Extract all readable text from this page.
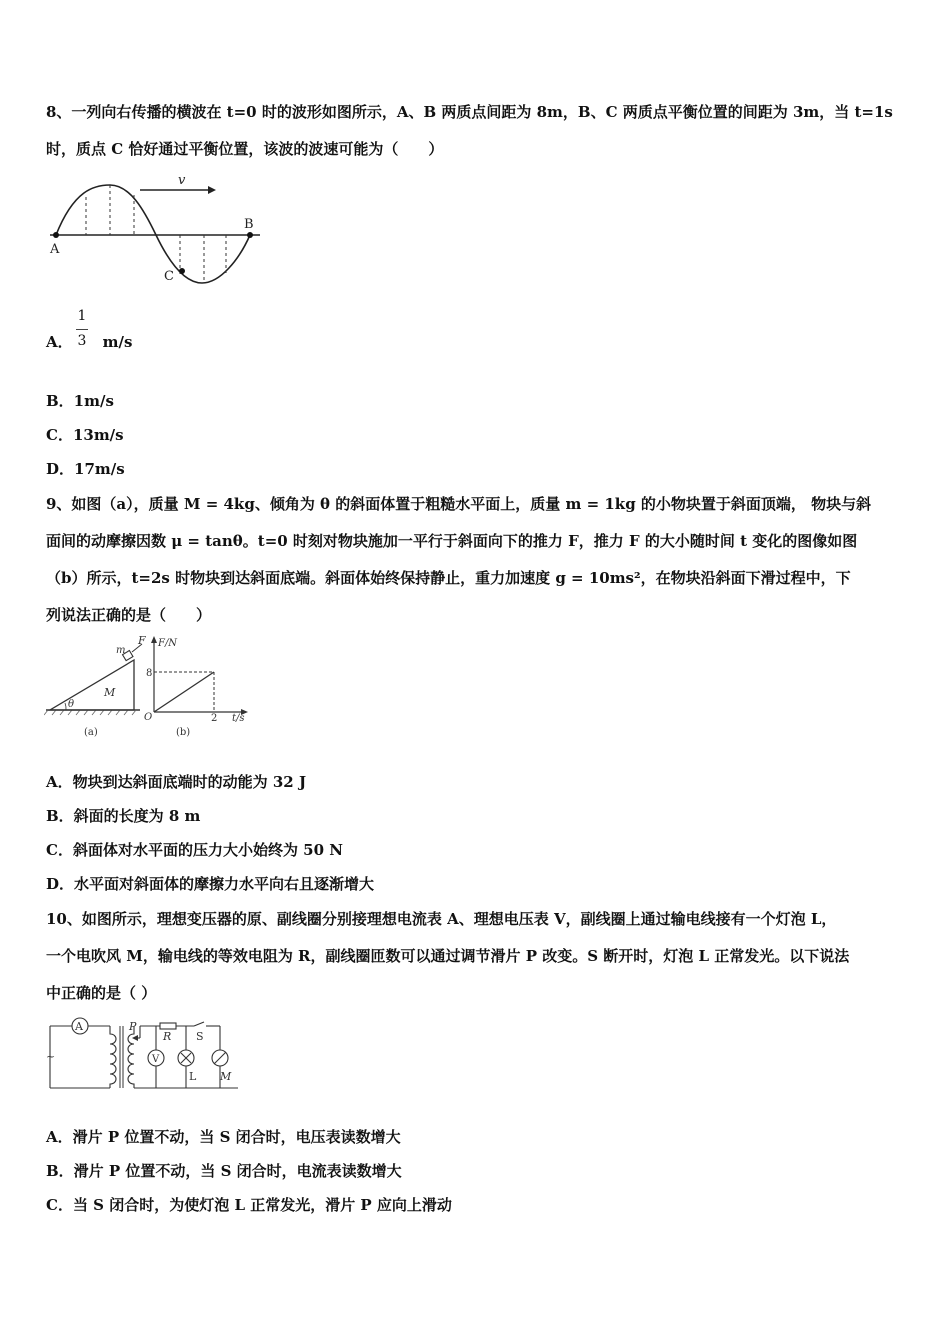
8、一列向右传播的横波在 t=0 时的波形如图所示，A、B 两质点间距为 8m，B、C 两质点平衡位置的间距为 3m，当 t=1s
时，质点 C 恰好通过平衡位置，该波的波速可能为（　　）
v
A
B
C
A． m/s
1
3
B．1m/s
C．13m/s
D．17m/s
9、如图（a），质量 M = 4kg、倾角为 θ 的斜面体置于粗糙水平面上，质量 m = 1kg 的小物块置于斜面顶端， 物块与斜
面间的动摩擦因数 μ = tanθ。t=0 时刻对物块施加一平行于斜面向下的推力 F，推力 F 的大小随时间 t 变化的图像如图
（b）所示，t=2s 时物块到达斜面底端。斜面体始终保持静止，重力加速度 g = 10ms²，在物块沿斜面下滑过程中，下
列说法正确的是（　　）
F
m
M
θ
(a)
F/N
t/s
O
8
2
(b)
A．物块到达斜面底端时的动能为 32 J
B．斜面的长度为 8 m
C．斜面体对水平面的压力大小始终为 50 N
D．水平面对斜面体的摩擦力水平向右且逐渐增大
10、如图所示，理想变压器的原、副线圈分别接理想电流表 A、理想电压表 V，副线圈上通过输电线接有一个灯泡 L，
一个电吹风 M，输电线的等效电阻为 R，副线圈匝数可以通过调节滑片 P 改变。S 断开时，灯泡 L 正常发光。以下说法
中正确的是（ ）
A
~
P
R S
V
L M
A．滑片 P 位置不动，当 S 闭合时，电压表读数增大
B．滑片 P 位置不动，当 S 闭合时，电流表读数增大
C．当 S 闭合时，为使灯泡 L 正常发光，滑片 P 应向上滑动
